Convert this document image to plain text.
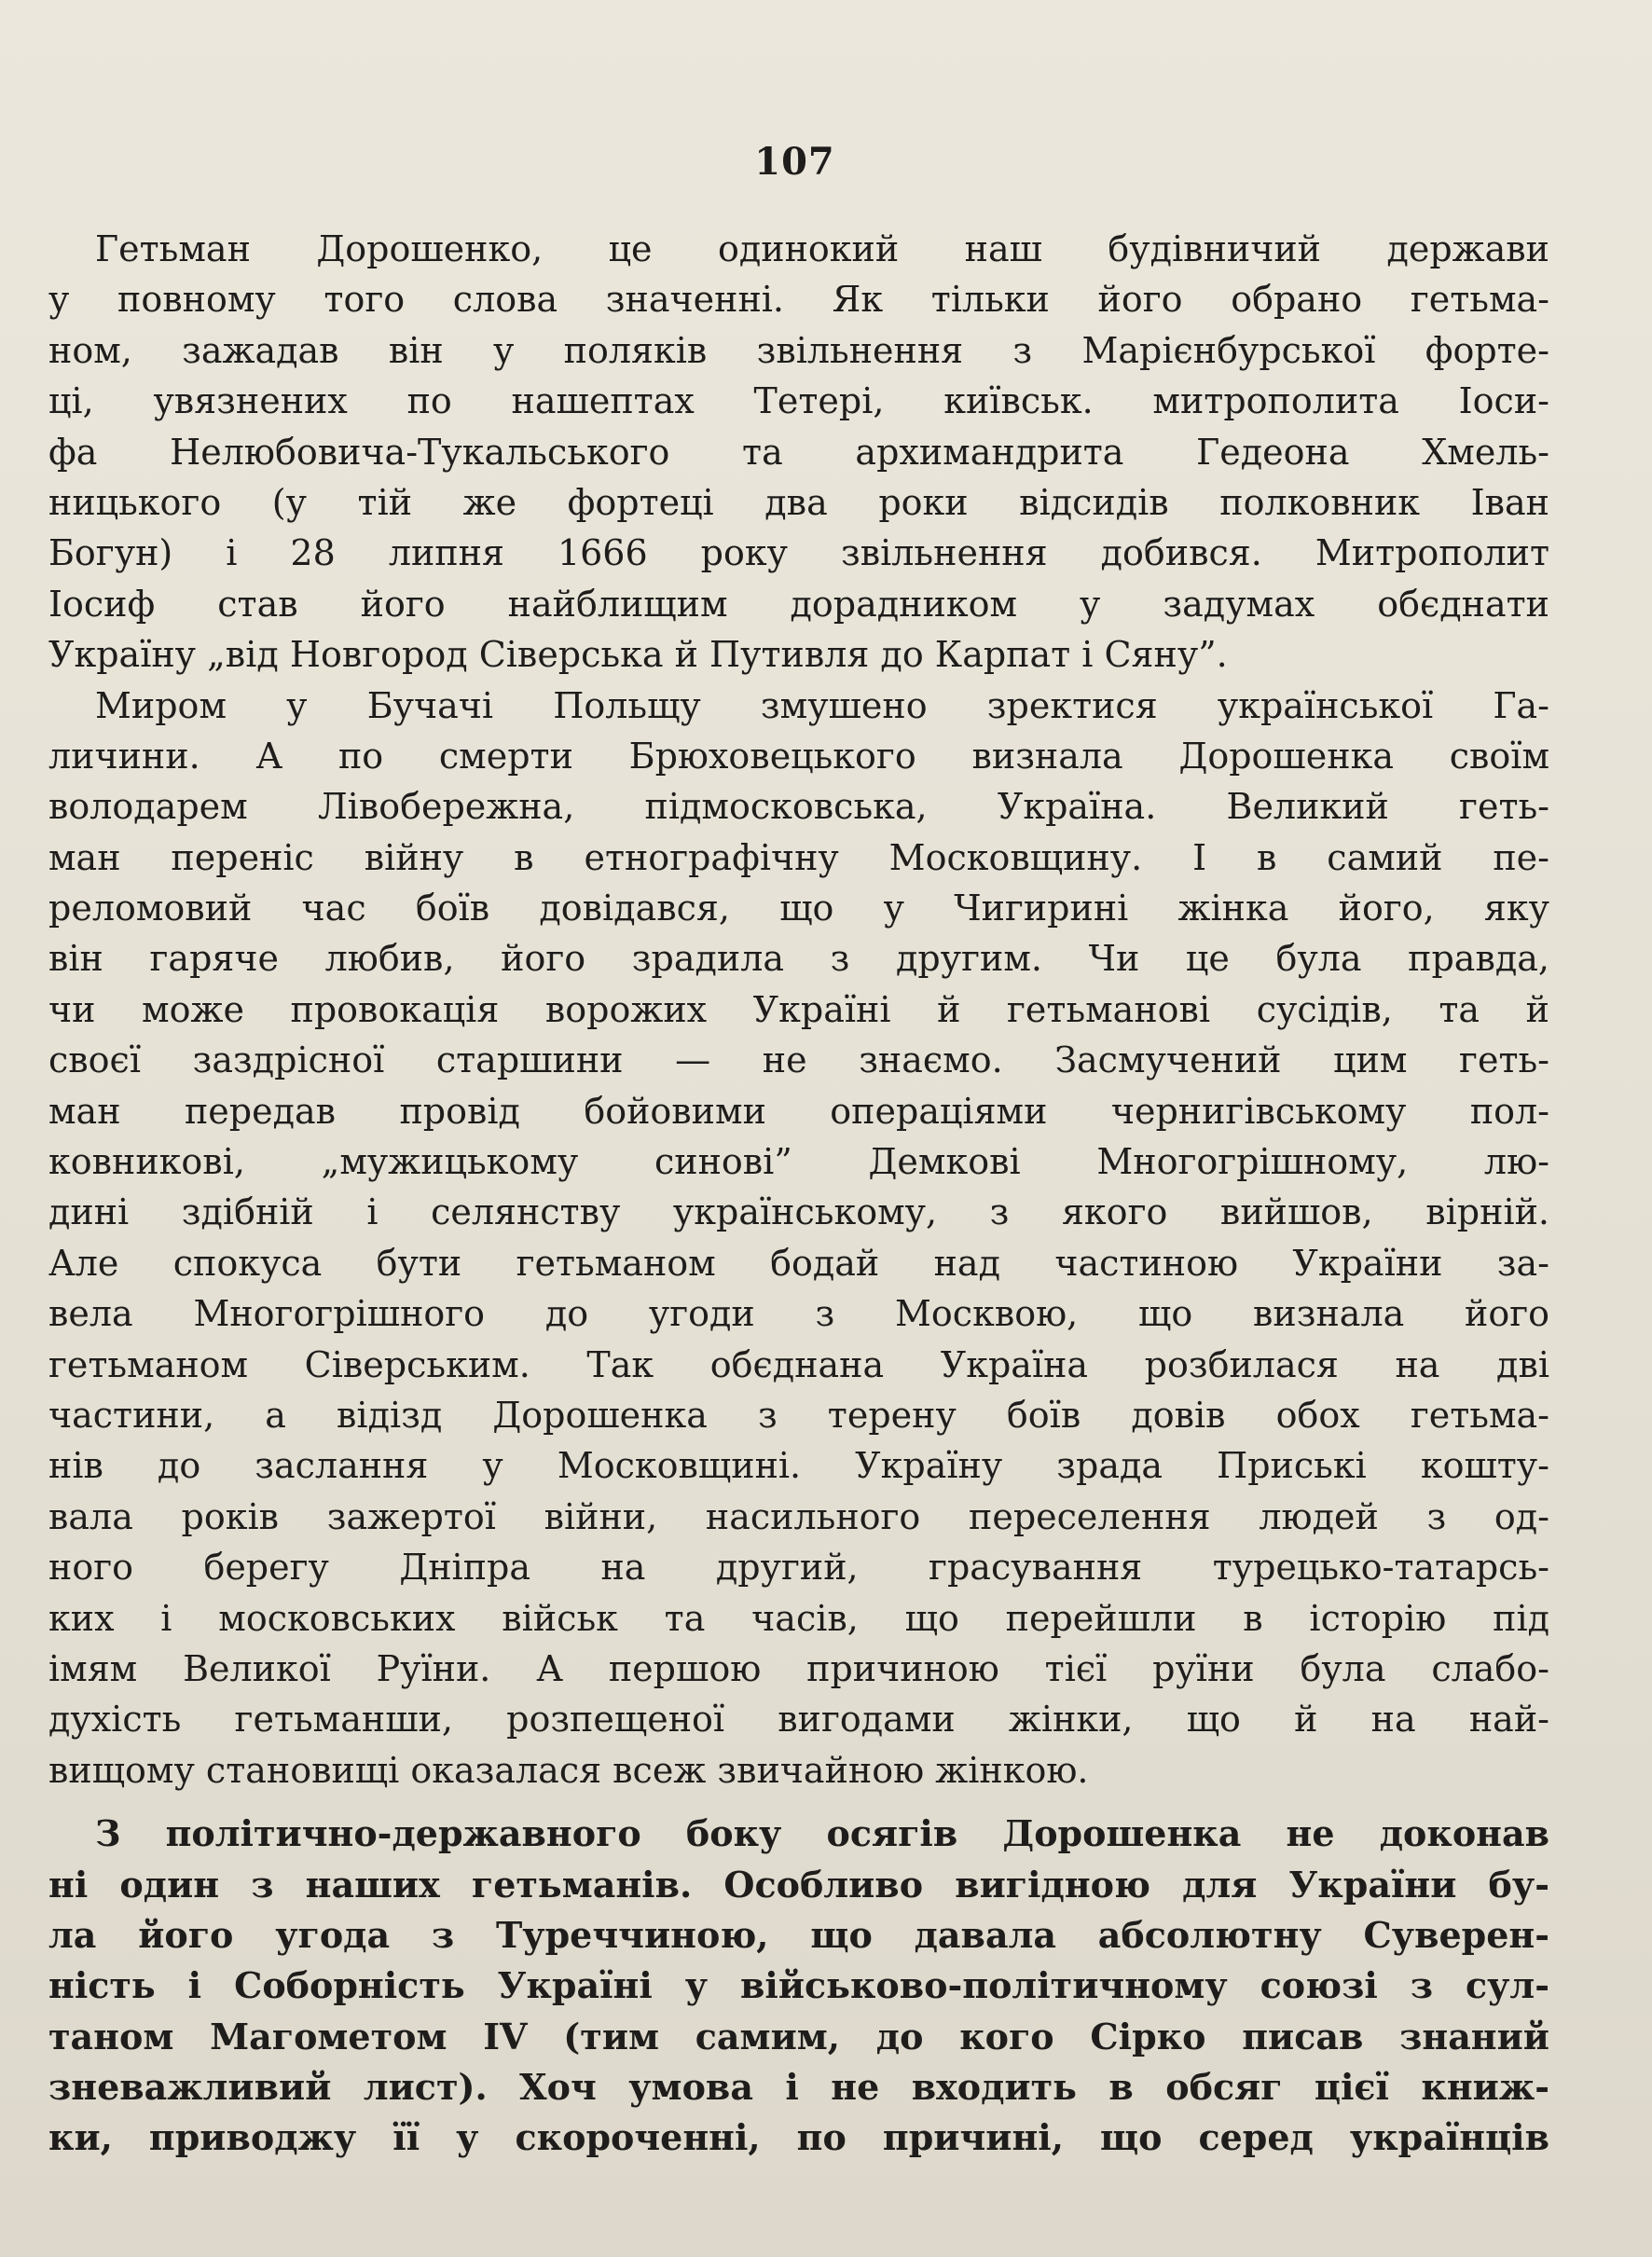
107
Гетьман Дорошенко, це одинокий наш будівничий держави
у повному того слова значенні. Як тільки його обрано гетьма-
ном, зажадав він у поляків звільнення з Марієнбурської форте-
ці, увязнених по нашептах Тетері, київськ. митрополита Іоси-
фа Нелюбовича-Тукальського та архимандрита Гедеона Хмель-
ницького (у тій же фортеці два роки відсидів полковник Іван
Богун) і 28 липня 1666 року звільнення добився. Митрополит
Іосиф став його найблищим дорадником у задумах обєднати
Україну „від Новгород Сіверська й Путивля до Карпат і Сяну”.
Миром у Бучачі Польщу змушено зректися української Га-
личини. А по смерти Брюховецького визнала Дорошенка своїм
володарем Лівобережна, підмосковська, Україна. Великий геть-
ман переніс війну в етнографічну Московщину. І в самий пе-
реломовий час боїв довідався, що у Чигирині жінка його, яку
він гаряче любив, його зрадила з другим. Чи це була правда,
чи може провокація ворожих Україні й гетьманові сусідів, та й
своєї заздрісної старшини — не знаємо. Засмучений цим геть-
ман передав провід бойовими операціями чернигівському пол-
ковникові, „мужицькому синові” Демкові Многогрішному, лю-
дині здібній і селянству українському, з якого вийшов, вірній.
Але спокуса бути гетьманом бодай над частиною України за-
вела Многогрішного до угоди з Москвою, що визнала його
гетьманом Сіверським. Так обєднана Україна розбилася на дві
частини, а відізд Дорошенка з терену боїв довів обох гетьма-
нів до заслання у Московщині. Україну зрада Приські кошту-
вала років зажертої війни, насильного переселення людей з од-
ного берегу Дніпра на другий, грасування турецько-татарсь-
ких і московських військ та часів, що перейшли в історію під
імям Великої Руїни. А першою причиною тієї руїни була слабо-
духість гетьманши, розпещеної вигодами жінки, що й на най-
вищому становищі оказалася всеж звичайною жінкою.
З політично-державного боку осягів Дорошенка не доконав
ні один з наших гетьманів. Особливо вигідною для України бу-
ла його угода з Туреччиною, що давала абсолютну Суверен-
ність і Соборність Україні у військово-політичному союзі з сул-
таном Магометом IV (тим самим, до кого Сірко писав знаний
зневажливий лист). Хоч умова і не входить в обсяг цієї книж-
ки, приводжу її у скороченні, по причині, що серед українців
